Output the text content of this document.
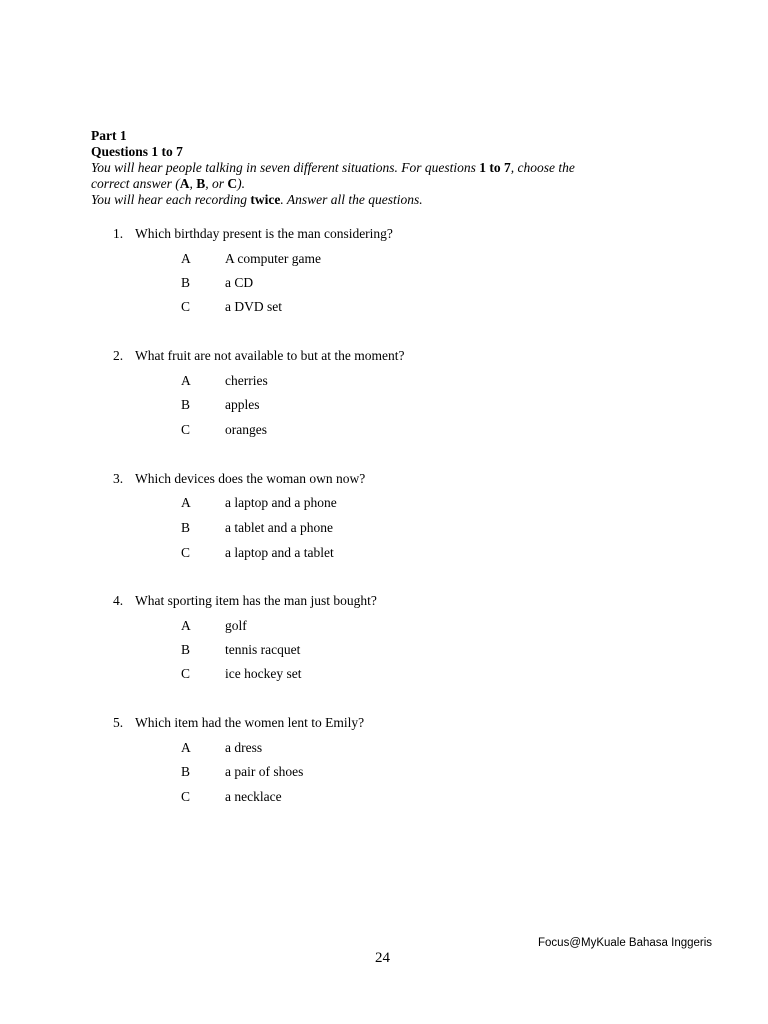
Part 1
Questions 1 to 7
You will hear people talking in seven different situations. For questions 1 to 7, choose the
correct answer (A, B, or C).
You will hear each recording twice. Answer all the questions.
1. Which birthday present is the man considering?
A	A computer game
B	a CD
C	a DVD set
2. What fruit are not available to but at the moment?
A	cherries
B	apples
C	oranges
3. Which devices does the woman own now?
A	a laptop and a phone
B	a tablet and a phone
C	a laptop and a tablet
4. What sporting item has the man just bought?
A	golf
B	tennis racquet
C	ice hockey set
5. Which item had the women lent to Emily?
A	a dress
B	a pair of shoes
C	a necklace
Focus@MyKuale Bahasa Inggeris
24
